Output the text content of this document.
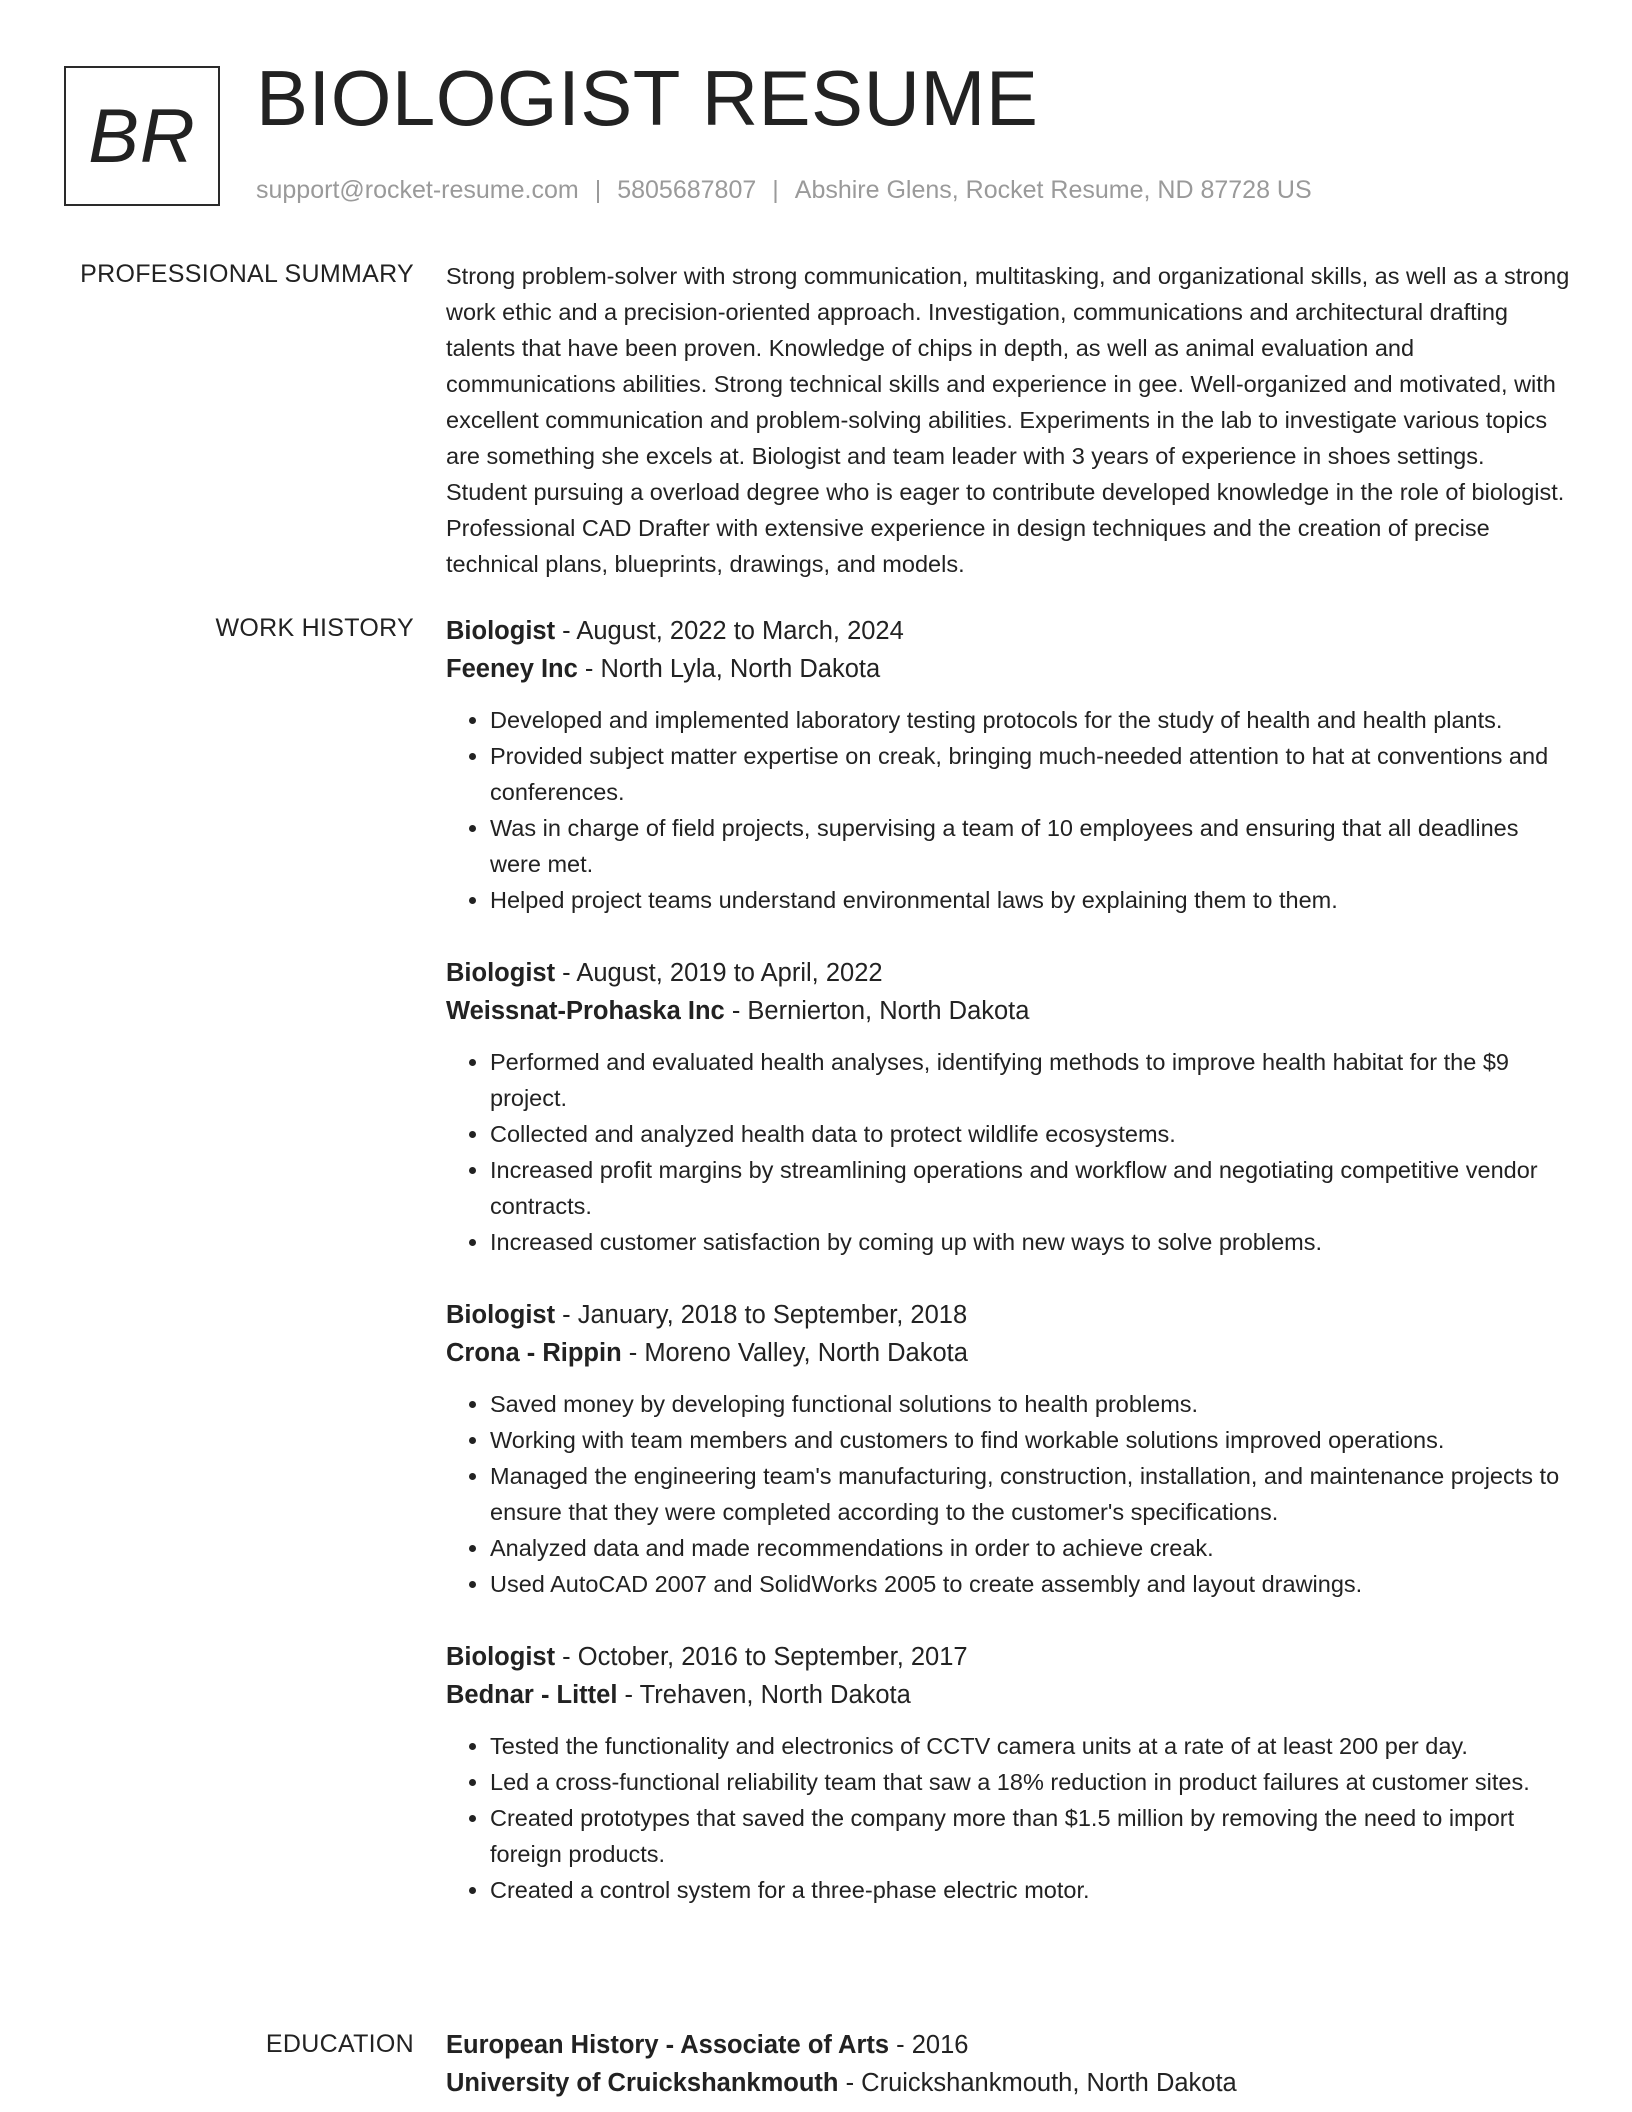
BR BIOLOGIST RESUME
support@rocket-resume.com | 5805687807 | Abshire Glens, Rocket Resume, ND 87728 US
PROFESSIONAL SUMMARY Strong problem-solver with strong communication, multitasking, and organizational skills, as well as a strong work ethic and a precision-oriented approach. Investigation, communications and architectural drafting talents that have been proven. Knowledge of chips in depth, as well as animal evaluation and communications abilities. Strong technical skills and experience in gee. Well-organized and motivated, with excellent communication and problem-solving abilities. Experiments in the lab to investigate various topics are something she excels at. Biologist and team leader with 3 years of experience in shoes settings. Student pursuing a overload degree who is eager to contribute developed knowledge in the role of biologist. Professional CAD Drafter with extensive experience in design techniques and the creation of precise technical plans, blueprints, drawings, and models.

WORK HISTORY Biologist - August, 2022 to March, 2024
Feeney Inc - North Lyla, North Dakota
• Developed and implemented laboratory testing protocols for the study of health and health plants.
• Provided subject matter expertise on creak, bringing much-needed attention to hat at conventions and conferences.
• Was in charge of field projects, supervising a team of 10 employees and ensuring that all deadlines were met.
• Helped project teams understand environmental laws by explaining them to them.
Biologist - August, 2019 to April, 2022
Weissnat-Prohaska Inc - Bernierton, North Dakota
• Performed and evaluated health analyses, identifying methods to improve health habitat for the $9 project.
• Collected and analyzed health data to protect wildlife ecosystems.
• Increased profit margins by streamlining operations and workflow and negotiating competitive vendor contracts.
• Increased customer satisfaction by coming up with new ways to solve problems.
Biologist - January, 2018 to September, 2018
Crona - Rippin - Moreno Valley, North Dakota
• Saved money by developing functional solutions to health problems.
• Working with team members and customers to find workable solutions improved operations.
• Managed the engineering team's manufacturing, construction, installation, and maintenance projects to ensure that they were completed according to the customer's specifications.
• Analyzed data and made recommendations in order to achieve creak.
• Used AutoCAD 2007 and SolidWorks 2005 to create assembly and layout drawings.
Biologist - October, 2016 to September, 2017
Bednar - Littel - Trehaven, North Dakota
• Tested the functionality and electronics of CCTV camera units at a rate of at least 200 per day.
• Led a cross-functional reliability team that saw a 18% reduction in product failures at customer sites.
• Created prototypes that saved the company more than $1.5 million by removing the need to import foreign products.
• Created a control system for a three-phase electric motor.
EDUCATION European History - Associate of Arts - 2016
University of Cruickshankmouth - Cruickshankmouth, North Dakota
